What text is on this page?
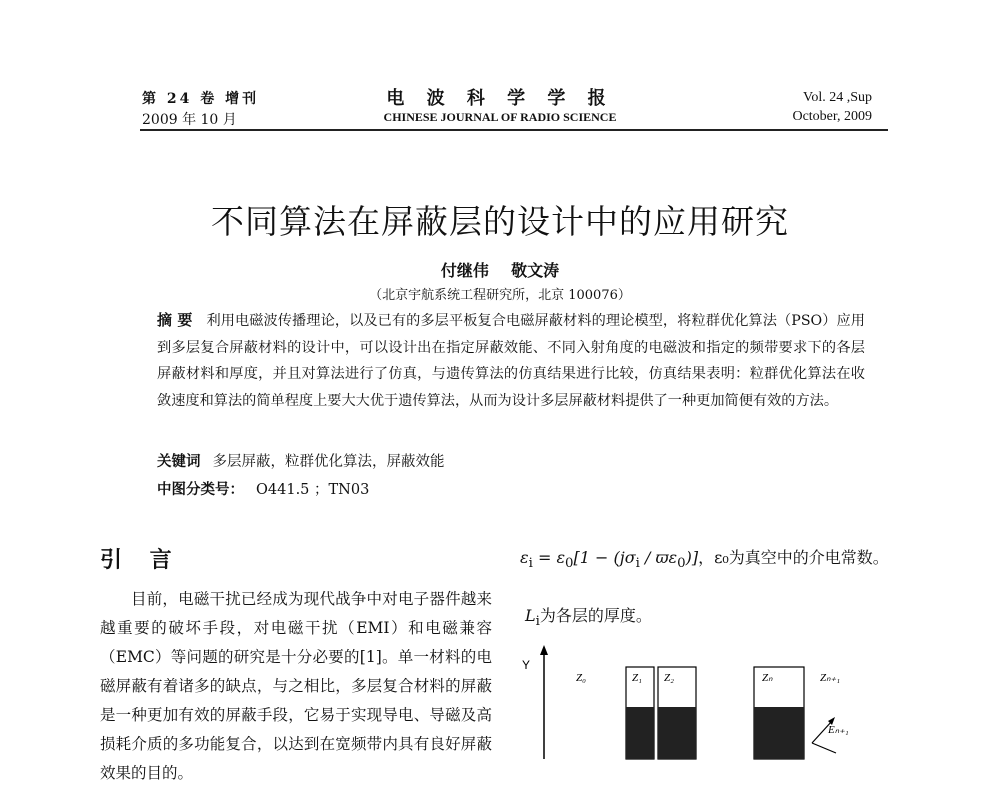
第 24 卷 增刊
2009 年 10 月
电 波 科 学 学 报
CHINESE JOURNAL OF RADIO SCIENCE
Vol. 24 ,Sup
October, 2009
不同算法在屏蔽层的设计中的应用研究
付继伟    敬文涛
（北京宇航系统工程研究所，北京 100076）
摘 要 利用电磁波传播理论，以及已有的多层平板复合电磁屏蔽材料的理论模型，将粒群优化算法（PSO）应用到多层复合屏蔽材料的设计中，可以设计出在指定屏蔽效能、不同入射角度的电磁波和指定的频带要求下的各层屏蔽材料和厚度，并且对算法进行了仿真，与遗传算法的仿真结果进行比较，仿真结果表明：粒群优化算法在收敛速度和算法的简单程度上要大大优于遗传算法，从而为设计多层屏蔽材料提供了一种更加简便有效的方法。
关键词 多层屏蔽，粒群优化算法，屏蔽效能
中图分类号： O441.5 ；TN03
引 言

目前，电磁干扰已经成为现代战争中对电子器件越来越重要的破坏手段，对电磁干扰（EMI）和电磁兼容（EMC）等问题的研究是十分必要的[1]。单一材料的电磁屏蔽有着诸多的缺点，与之相比，多层复合材料的屏蔽是一种更加有效的屏蔽手段，它易于实现导电、导磁及高损耗介质的多功能复合，以达到在宽频带内具有良好屏蔽效果的目的。

$\varepsilon_i = \varepsilon_0[1 - (j\sigma_i / ϖ\varepsilon_0)]$，ε₀为真空中的介电常数。
$L_i$为各层的厚度。
Y
Z₀	Z₁ Z₂	Zₙ	Zₙ₊₁
Eₙ₊₁
